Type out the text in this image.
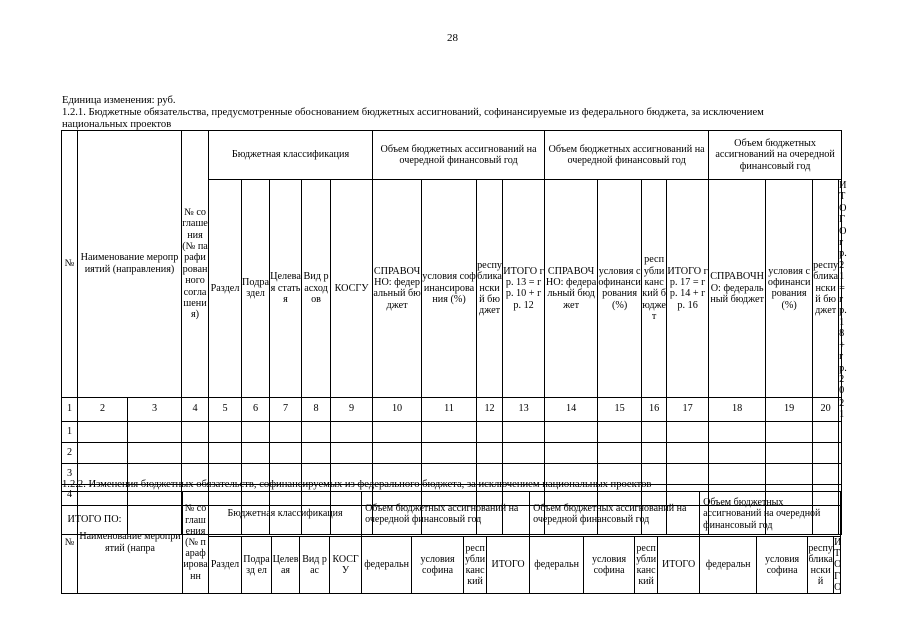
28
Единица изменения: руб.
1.2.1. Бюджетные обязательства, предусмотренные обоснованием бюджетных ассигнований, софинансируемые из федерального бюджета, за исключением
национальных проектов
№	Наименование мероприятий (направления)		№ соглашения (№ парафированного соглашения)	Бюджетная классификация					Объем бюджетных ассигнований на очередной финансовый год				Объем бюджетных ассигнований на очередной финансовый год				Объем бюджетных ассигнований на очередной финансовый год			
				Раздел	Подраздел	Целевая статья	Вид расходов	КОСГУ	СПРАВОЧНО: федеральный бюджет	условия софинансирования (%)	республиканский бюджет	ИТОГО гр. 13 = гр. 10 + гр. 12	СПРАВОЧНО: федеральный бюджет	условия софинансирования (%)	республиканский бюджет	ИТОГО гр. 17 = гр. 14 + гр. 16	СПРАВОЧНО: федеральный бюджет	условия софинансирования (%)	республиканский бюджет	ИТОГО гр. 21 = гр. 18 + гр. 20
1	2	3	4	5	6	7	8	9	10	11	12	13	14	15	16	17	18	19	20	21
1																				
2																				
3																				
4																				
ИТОГО ПО:																				
1.2.2. Изменения бюджетных обязательств, софинансируемых из федерального бюджета, за исключением национальных проектов
№	Наименование мероприятий (напра	№ соглашения (№ парафированн	Бюджетная классификация					Объем бюджетных ассигнований на очередной финансовый год				Объем бюджетных ассигнований на очередной финансовый год				Объем бюджетных ассигнований на очередной финансовый год			
			Раздел	Подразд ел	Целевая	Вид рас	КОСГУ	федеральн	условия софина	республиканский	ИТОГО	федеральн	условия софина	республиканский	ИТОГО	федеральн	условия софина	республиканский	ИТОГО
